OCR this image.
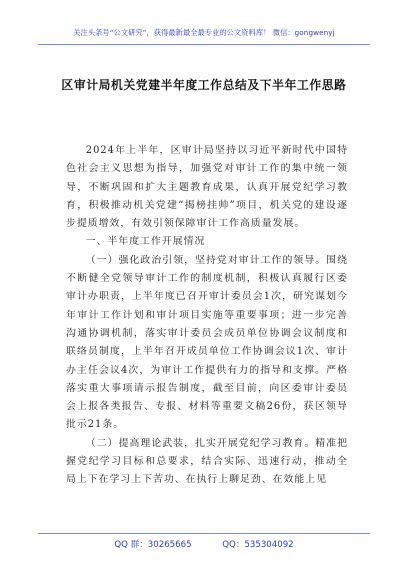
关注头条号“公文研究”，获得最新最全最专业的公文资料库！ 微信：gongwenyj
区审计局机关党建半年度工作总结及下半年工作思路

2024年上半年，区审计局坚持以习近平新时代中国特色社会主义思想为指导，加强党对审计工作的集中统一领导，不断巩固和扩大主题教育成果，认真开展党纪学习教育，积极推动机关党建“揭榜挂帅”项目，机关党的建设逐步提质增效，有效引领保障审计工作高质量发展。

一、半年度工作开展情况

（一）强化政治引领，坚持党对审计工作的领导。围绕不断健全党领导审计工作的制度机制，积极认真履行区委审计办职责，上半年度已召开审计委员会1次，研究谋划今年审计工作计划和审计项目实施等重要事项；进一步完善沟通协调机制，落实审计委员会成员单位协调会议制度和联络员制度，上半年召开成员单位工作协调会议1次、审计办主任会议4次，为审计工作提供有力的指导和支撑。严格落实重大事项请示报告制度，截至目前，向区委审计委员会上报各类报告、专报、材料等重要文稿26份，获区领导批示21条。

（二）提高理论武装，扎实开展党纪学习教育。精准把握党纪学习目标和总要求，结合实际、迅速行动，推动全局上下在学习上下苦功、在执行上聊足劲、在效能上见

QQ 群：30265665	QQ：535304092
